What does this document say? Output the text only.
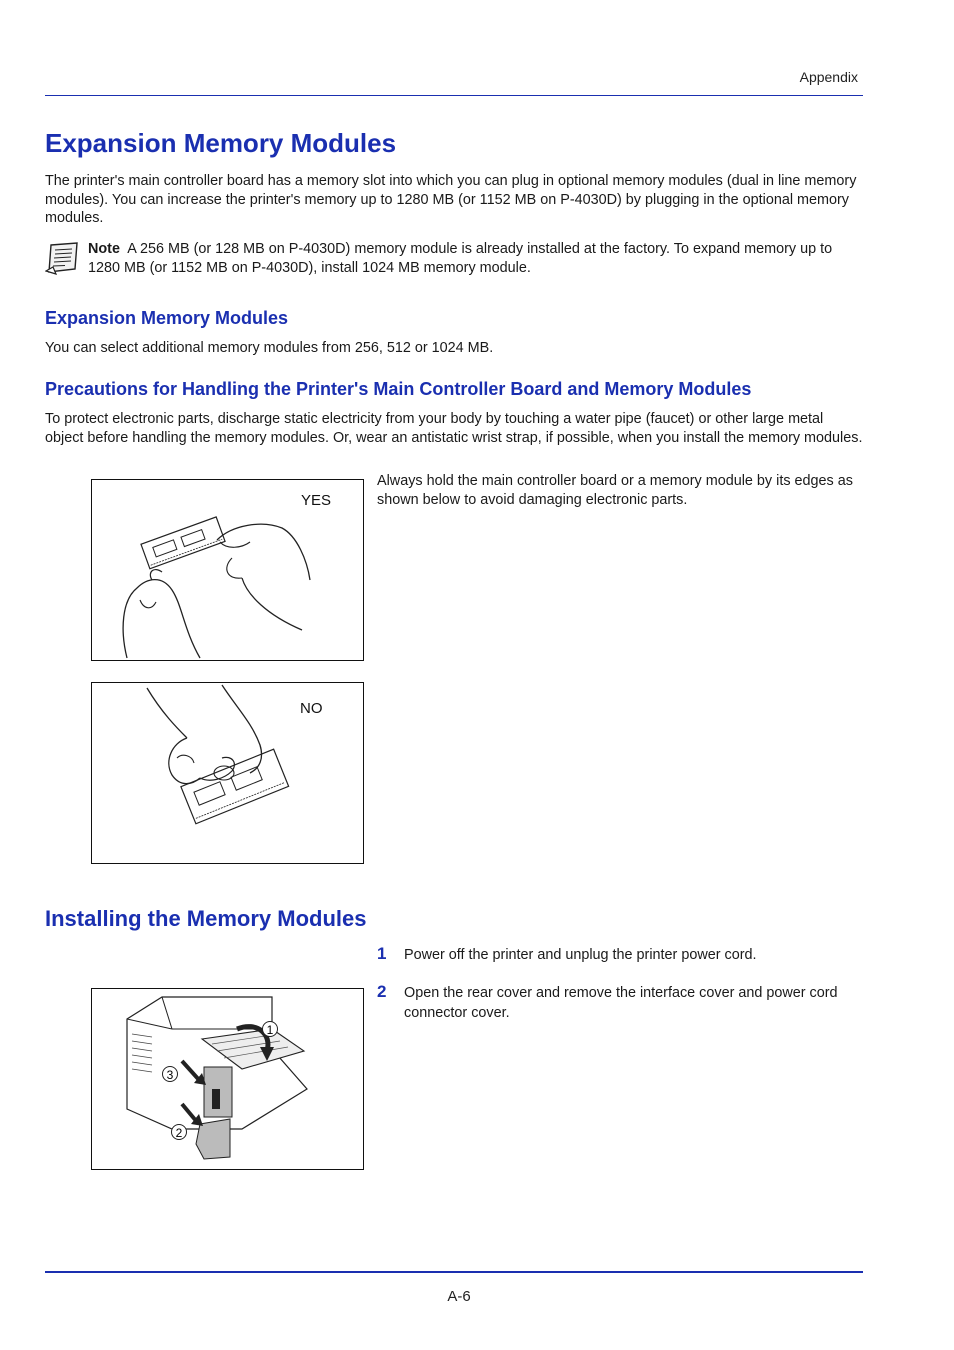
Appendix
Expansion Memory Modules
The printer's main controller board has a memory slot into which you can plug in optional memory modules (dual in line memory modules). You can increase the printer's memory up to 1280 MB (or 1152 MB on P-4030D) by plugging in the optional memory modules.
Note A 256 MB (or 128 MB on P-4030D) memory module is already installed at the factory. To expand memory up to 1280 MB (or 1152 MB on P-4030D), install 1024 MB memory module.
Expansion Memory Modules
You can select additional memory modules from 256, 512 or 1024 MB.
Precautions for Handling the Printer's Main Controller Board and Memory Modules
To protect electronic parts, discharge static electricity from your body by touching a water pipe (faucet) or other large metal object before handling the memory modules. Or, wear an antistatic wrist strap, if possible, when you install the memory modules.
Always hold the main controller board or a memory module by its edges as shown below to avoid damaging electronic parts.
YES
NO
Installing the Memory Modules
1 Power off the printer and unplug the printer power cord.
2 Open the rear cover and remove the interface cover and power cord connector cover.
1
2
3
A-6
